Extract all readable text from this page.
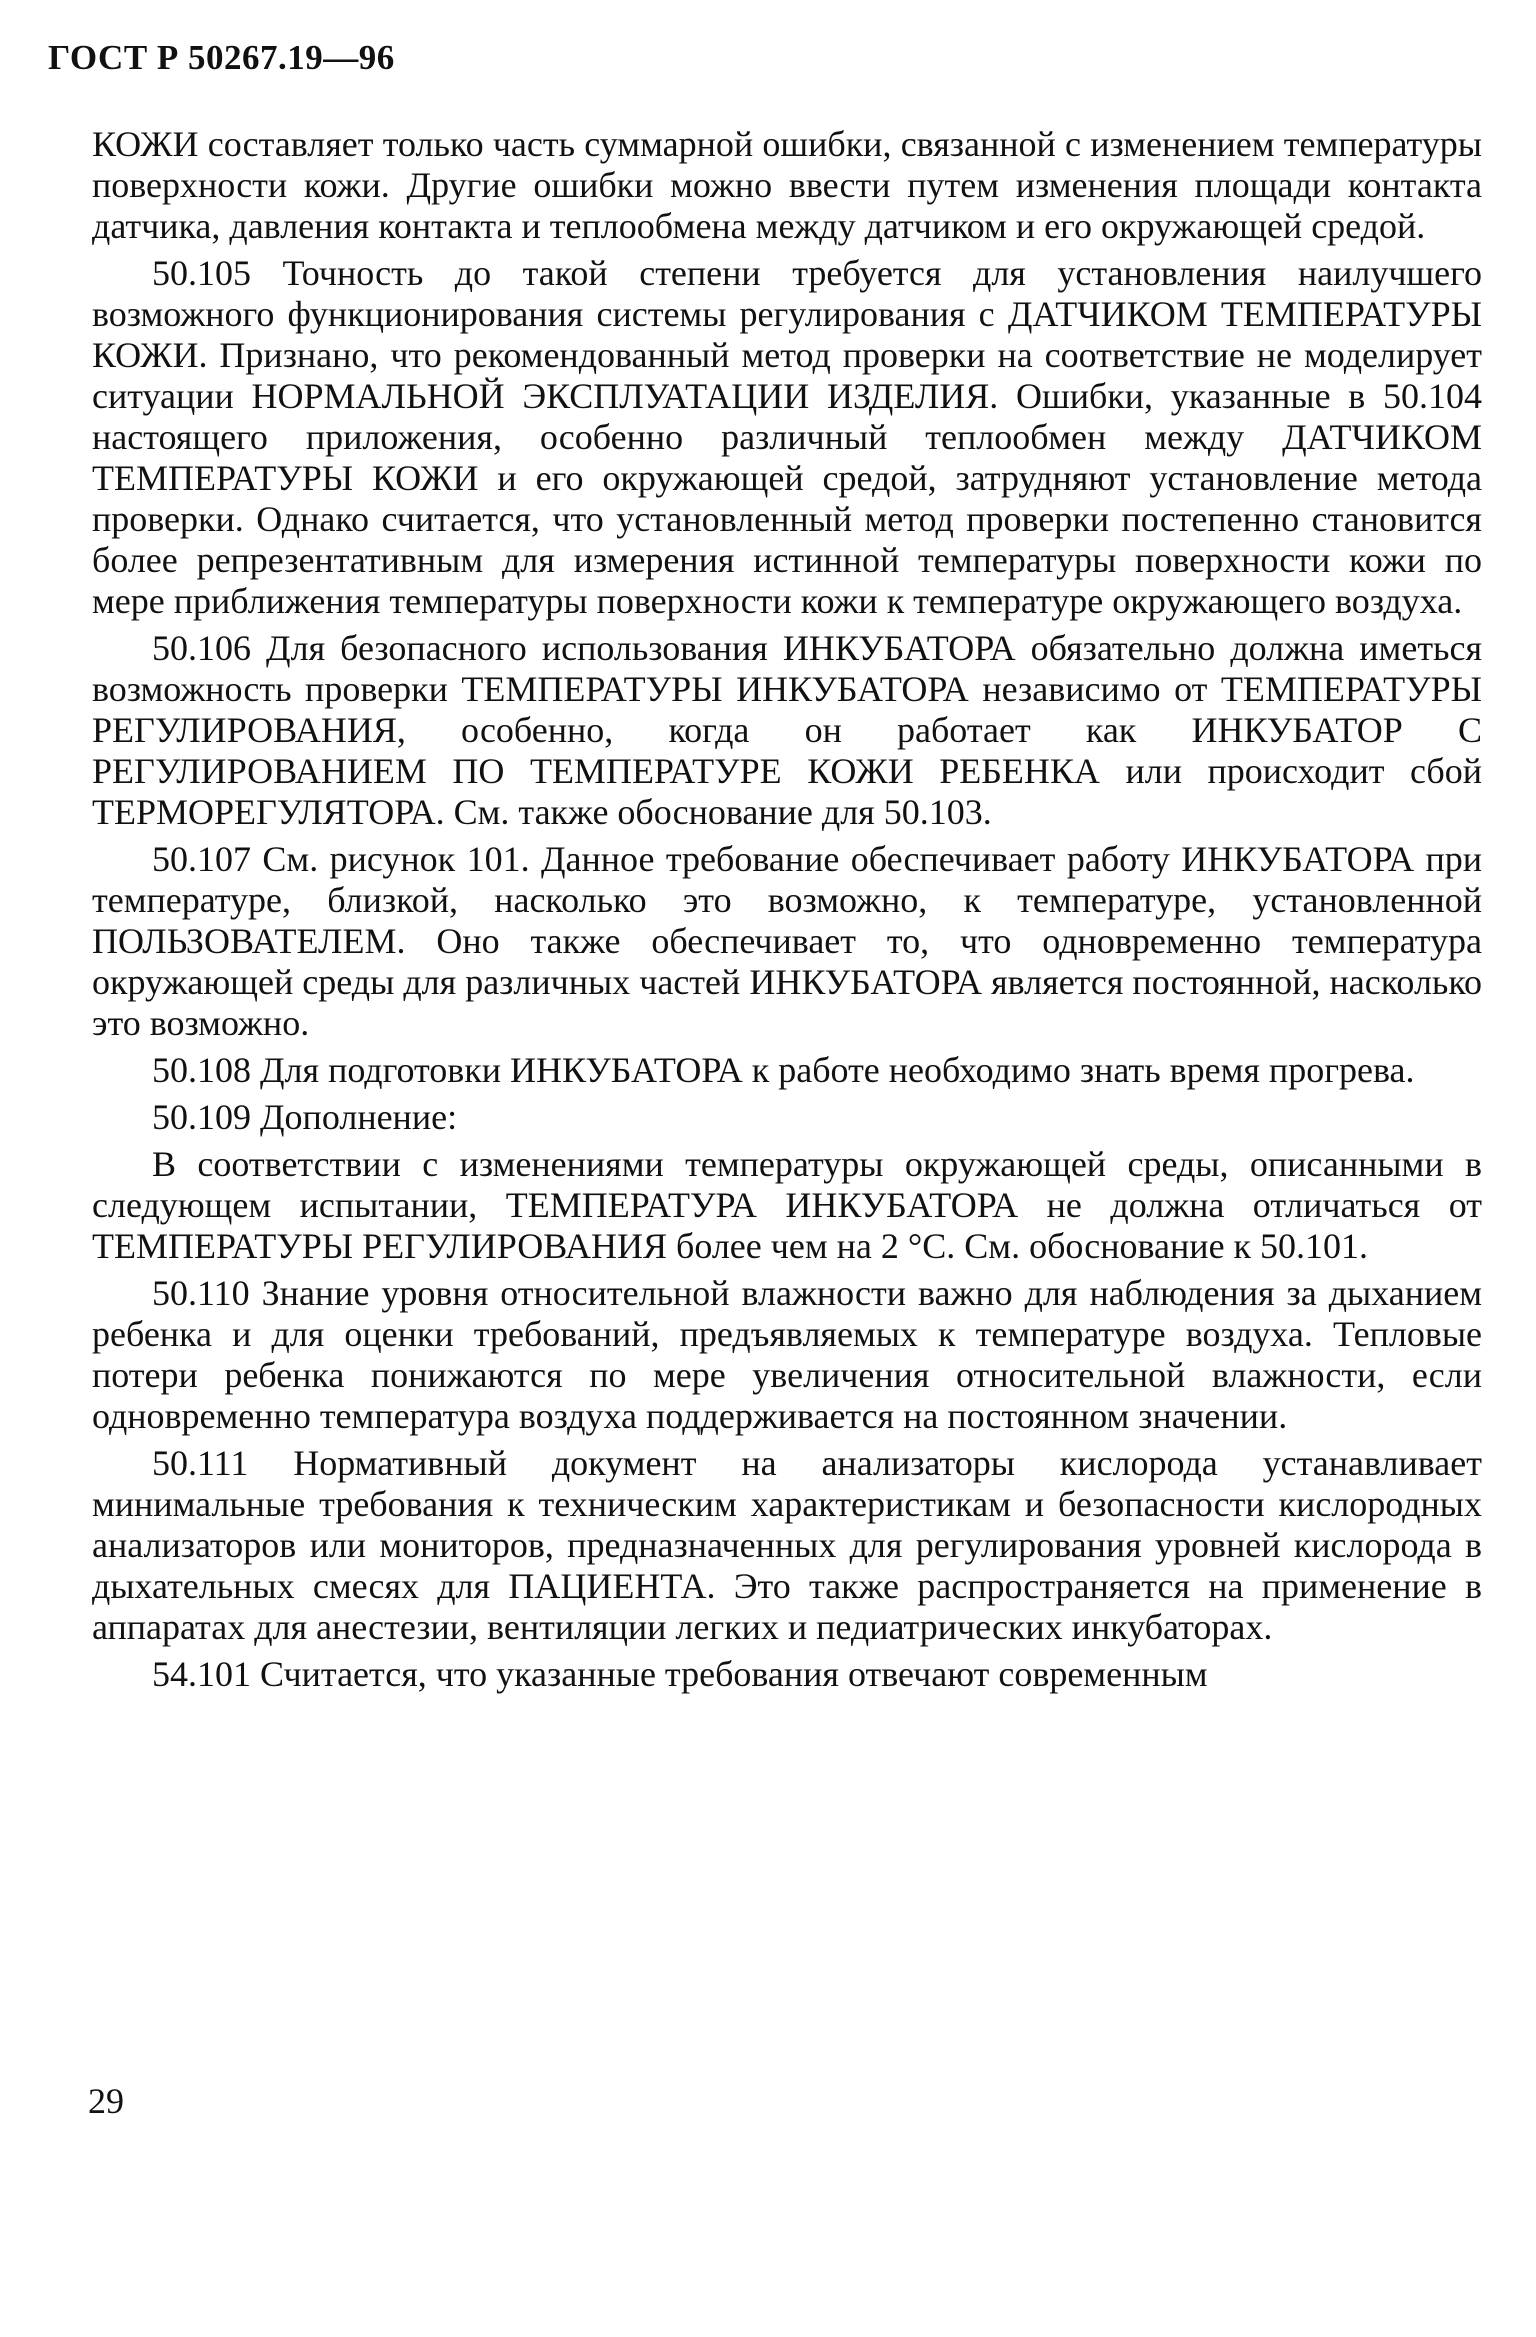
ГОСТ Р 50267.19—96

КОЖИ составляет только часть суммарной ошибки, связанной с изменением температуры поверхности кожи. Другие ошибки можно ввести путем изменения площади контакта датчика, давления контакта и теплообмена между датчиком и его окружающей средой.

50.105 Точность до такой степени требуется для установления наилучшего возможного функционирования системы регулирования с ДАТЧИКОМ ТЕМПЕРАТУРЫ КОЖИ. Признано, что рекомендованный метод проверки на соответствие не моделирует ситуации НОРМАЛЬНОЙ ЭКСПЛУАТАЦИИ ИЗДЕЛИЯ. Ошибки, указанные в 50.104 настоящего приложения, особенно различный теплообмен между ДАТЧИКОМ ТЕМПЕРАТУРЫ КОЖИ и его окружающей средой, затрудняют установление метода проверки. Однако считается, что установленный метод проверки постепенно становится более репрезентативным для измерения истинной температуры поверхности кожи по мере приближения температуры поверхности кожи к температуре окружающего воздуха.

50.106 Для безопасного использования ИНКУБАТОРА обязательно должна иметься возможность проверки ТЕМПЕРАТУРЫ ИНКУБАТОРА независимо от ТЕМПЕРАТУРЫ РЕГУЛИРОВАНИЯ, особенно, когда он работает как ИНКУБАТОР С РЕГУЛИРОВАНИЕМ ПО ТЕМПЕРАТУРЕ КОЖИ РЕБЕНКА или происходит сбой ТЕРМОРЕГУЛЯТОРА. См. также обоснование для 50.103.

50.107 См. рисунок 101. Данное требование обеспечивает работу ИНКУБАТОРА при температуре, близкой, насколько это возможно, к температуре, установленной ПОЛЬЗОВАТЕЛЕМ. Оно также обеспечивает то, что одновременно температура окружающей среды для различных частей ИНКУБАТОРА является постоянной, насколько это возможно.

50.108 Для подготовки ИНКУБАТОРА к работе необходимо знать время прогрева.

50.109 Дополнение:

В соответствии с изменениями температуры окружающей среды, описанными в следующем испытании, ТЕМПЕРАТУРА ИНКУБАТОРА не должна отличаться от ТЕМПЕРАТУРЫ РЕГУЛИРОВАНИЯ более чем на 2 °С. См. обоснование к 50.101.

50.110 Знание уровня относительной влажности важно для наблюдения за дыханием ребенка и для оценки требований, предъявляемых к температуре воздуха. Тепловые потери ребенка понижаются по мере увеличения относительной влажности, если одновременно температура воздуха поддерживается на постоянном значении.

50.111 Нормативный документ на анализаторы кислорода устанавливает минимальные требования к техническим характеристикам и безопасности кислородных анализаторов или мониторов, предназначенных для регулирования уровней кислорода в дыхательных смесях для ПАЦИЕНТА. Это также распространяется на применение в аппаратах для анестезии, вентиляции легких и педиатрических инкубаторах.

54.101 Считается, что указанные требования отвечают современным

29
